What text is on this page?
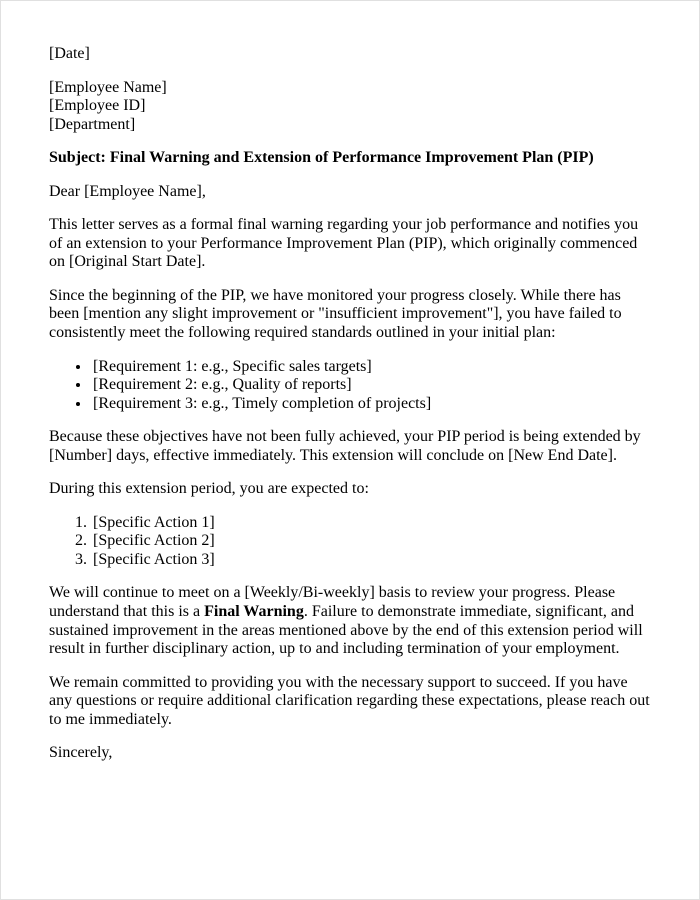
[Date]

[Employee Name]
[Employee ID]
[Department]

Subject: Final Warning and Extension of Performance Improvement Plan (PIP)

Dear [Employee Name],

This letter serves as a formal final warning regarding your job performance and notifies you of an extension to your Performance Improvement Plan (PIP), which originally commenced on [Original Start Date].

Since the beginning of the PIP, we have monitored your progress closely. While there has been [mention any slight improvement or "insufficient improvement"], you have failed to consistently meet the following required standards outlined in your initial plan:

• [Requirement 1: e.g., Specific sales targets]
• [Requirement 2: e.g., Quality of reports]
• [Requirement 3: e.g., Timely completion of projects]

Because these objectives have not been fully achieved, your PIP period is being extended by [Number] days, effective immediately. This extension will conclude on [New End Date].

During this extension period, you are expected to:

1. [Specific Action 1]
2. [Specific Action 2]
3. [Specific Action 3]

We will continue to meet on a [Weekly/Bi-weekly] basis to review your progress. Please understand that this is a Final Warning. Failure to demonstrate immediate, significant, and sustained improvement in the areas mentioned above by the end of this extension period will result in further disciplinary action, up to and including termination of your employment.

We remain committed to providing you with the necessary support to succeed. If you have any questions or require additional clarification regarding these expectations, please reach out to me immediately.

Sincerely,
